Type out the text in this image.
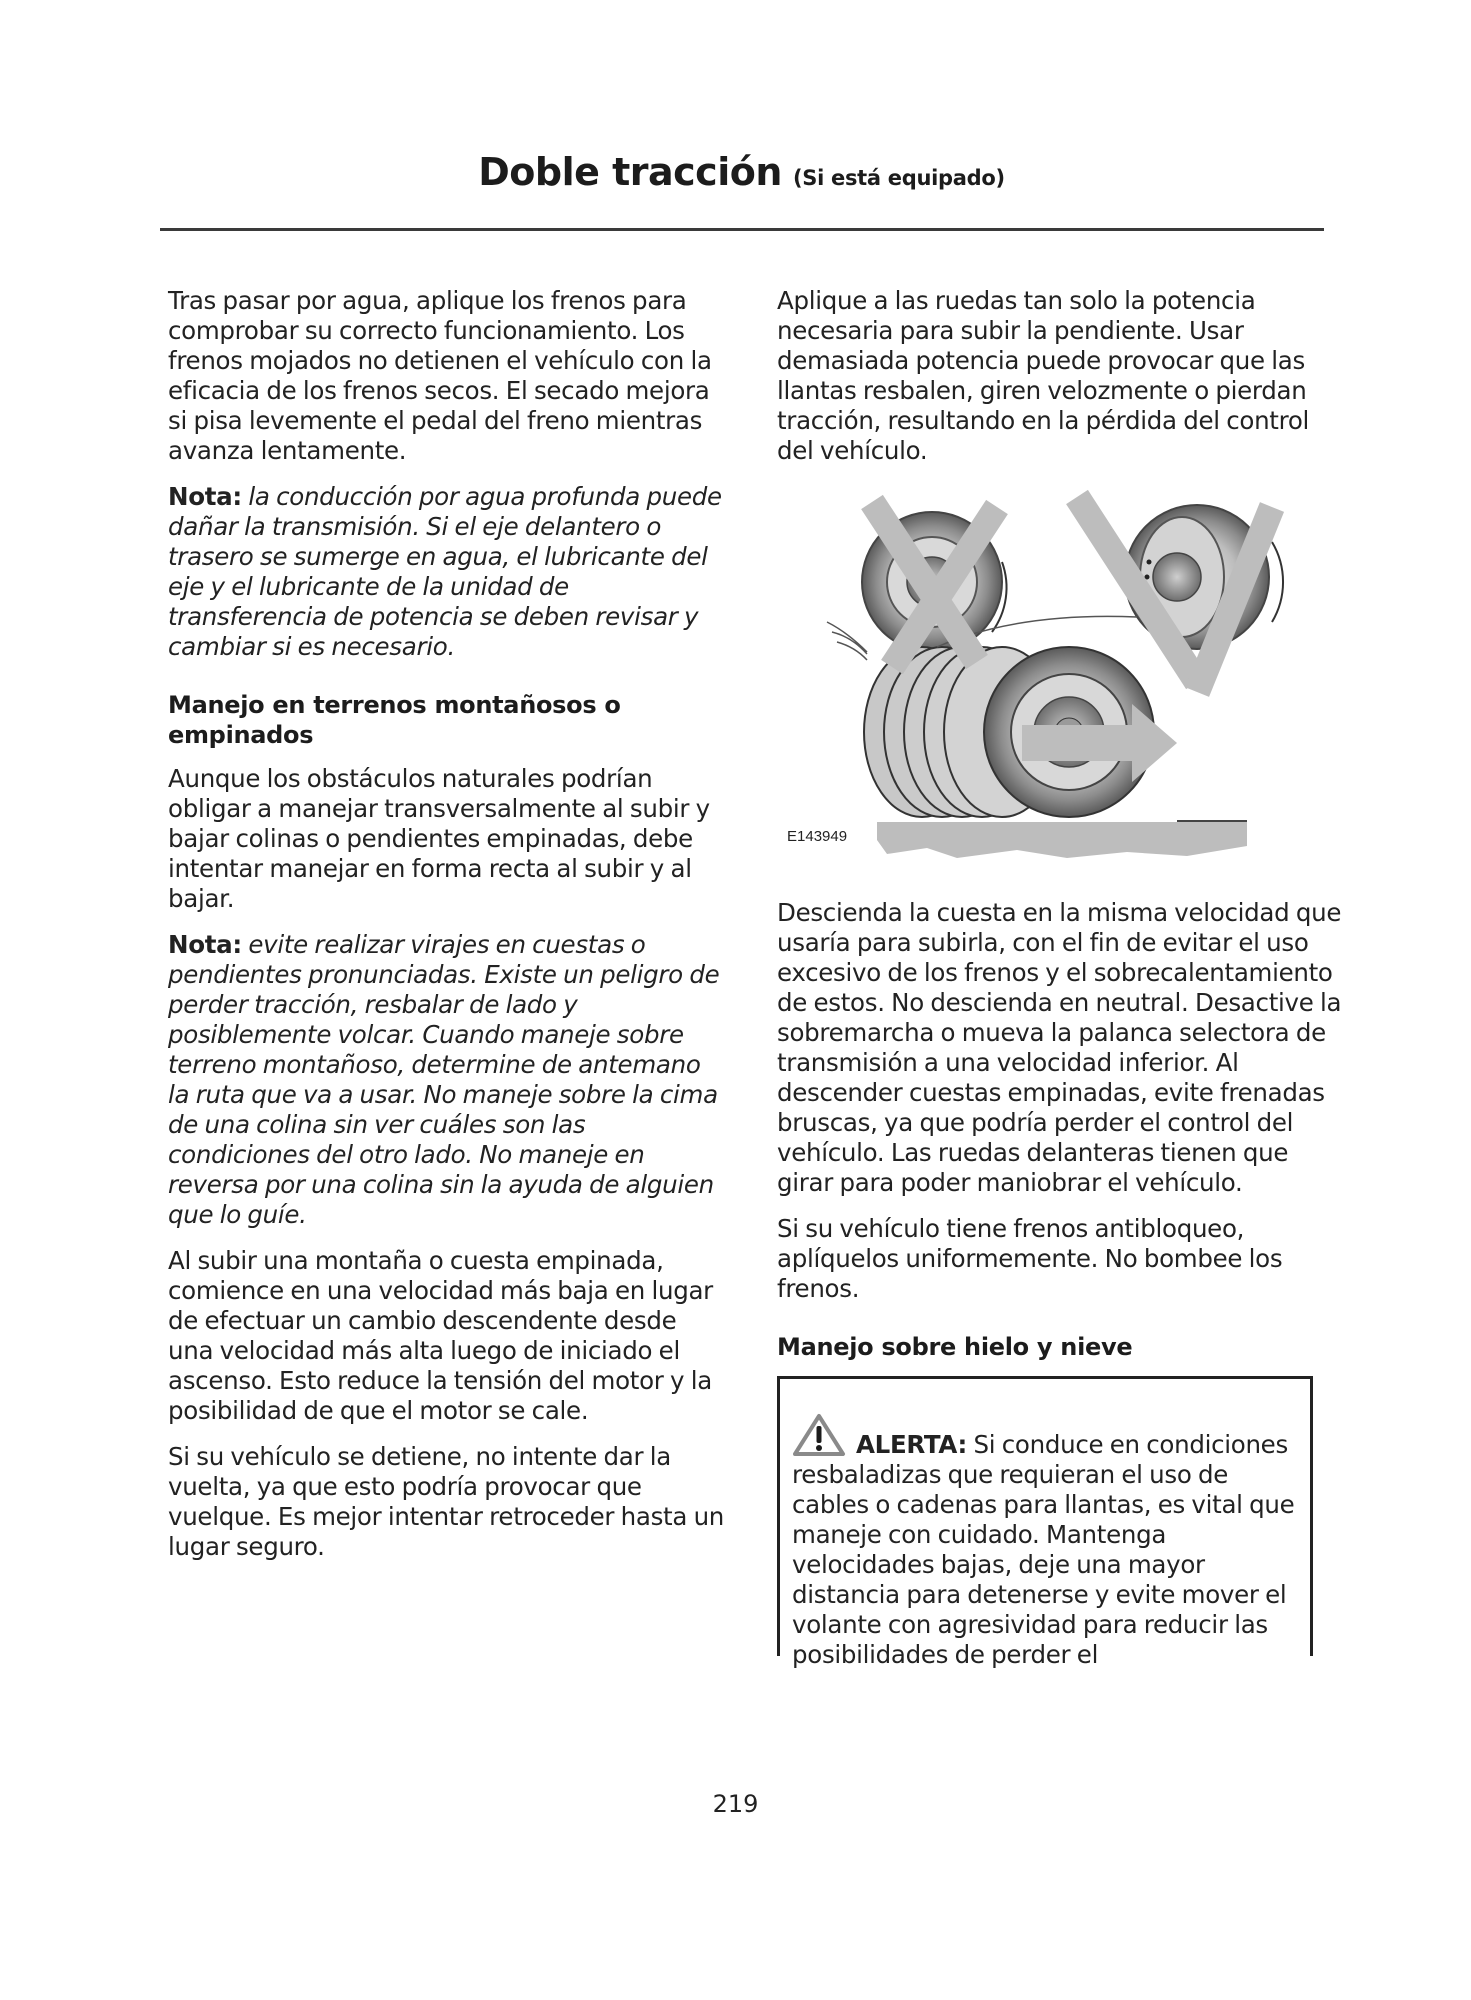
Doble tracción (Si está equipado)

Tras pasar por agua, aplique los frenos para comprobar su correcto funcionamiento. Los frenos mojados no detienen el vehículo con la eficacia de los frenos secos. El secado mejora si pisa levemente el pedal del freno mientras avanza lentamente.

Nota: la conducción por agua profunda puede dañar la transmisión. Si el eje delantero o trasero se sumerge en agua, el lubricante del eje y el lubricante de la unidad de transferencia de potencia se deben revisar y cambiar si es necesario.

Manejo en terrenos montañosos o empinados

Aunque los obstáculos naturales podrían obligar a manejar transversalmente al subir y bajar colinas o pendientes empinadas, debe intentar manejar en forma recta al subir y al bajar.

Nota: evite realizar virajes en cuestas o pendientes pronunciadas. Existe un peligro de perder tracción, resbalar de lado y posiblemente volcar. Cuando maneje sobre terreno montañoso, determine de antemano la ruta que va a usar. No maneje sobre la cima de una colina sin ver cuáles son las condiciones del otro lado. No maneje en reversa por una colina sin la ayuda de alguien que lo guíe.

Al subir una montaña o cuesta empinada, comience en una velocidad más baja en lugar de efectuar un cambio descendente desde una velocidad más alta luego de iniciado el ascenso. Esto reduce la tensión del motor y la posibilidad de que el motor se cale.

Si su vehículo se detiene, no intente dar la vuelta, ya que esto podría provocar que vuelque. Es mejor intentar retroceder hasta un lugar seguro.

Aplique a las ruedas tan solo la potencia necesaria para subir la pendiente. Usar demasiada potencia puede provocar que las llantas resbalen, giren velozmente o pierdan tracción, resultando en la pérdida del control del vehículo.

E143949

Descienda la cuesta en la misma velocidad que usaría para subirla, con el fin de evitar el uso excesivo de los frenos y el sobrecalentamiento de estos. No descienda en neutral. Desactive la sobremarcha o mueva la palanca selectora de transmisión a una velocidad inferior. Al descender cuestas empinadas, evite frenadas bruscas, ya que podría perder el control del vehículo. Las ruedas delanteras tienen que girar para poder maniobrar el vehículo.

Si su vehículo tiene frenos antibloqueo, aplíquelos uniformemente. No bombee los frenos.

Manejo sobre hielo y nieve

ALERTA: Si conduce en condiciones resbaladizas que requieran el uso de cables o cadenas para llantas, es vital que maneje con cuidado. Mantenga velocidades bajas, deje una mayor distancia para detenerse y evite mover el volante con agresividad para reducir las posibilidades de perder el

219
